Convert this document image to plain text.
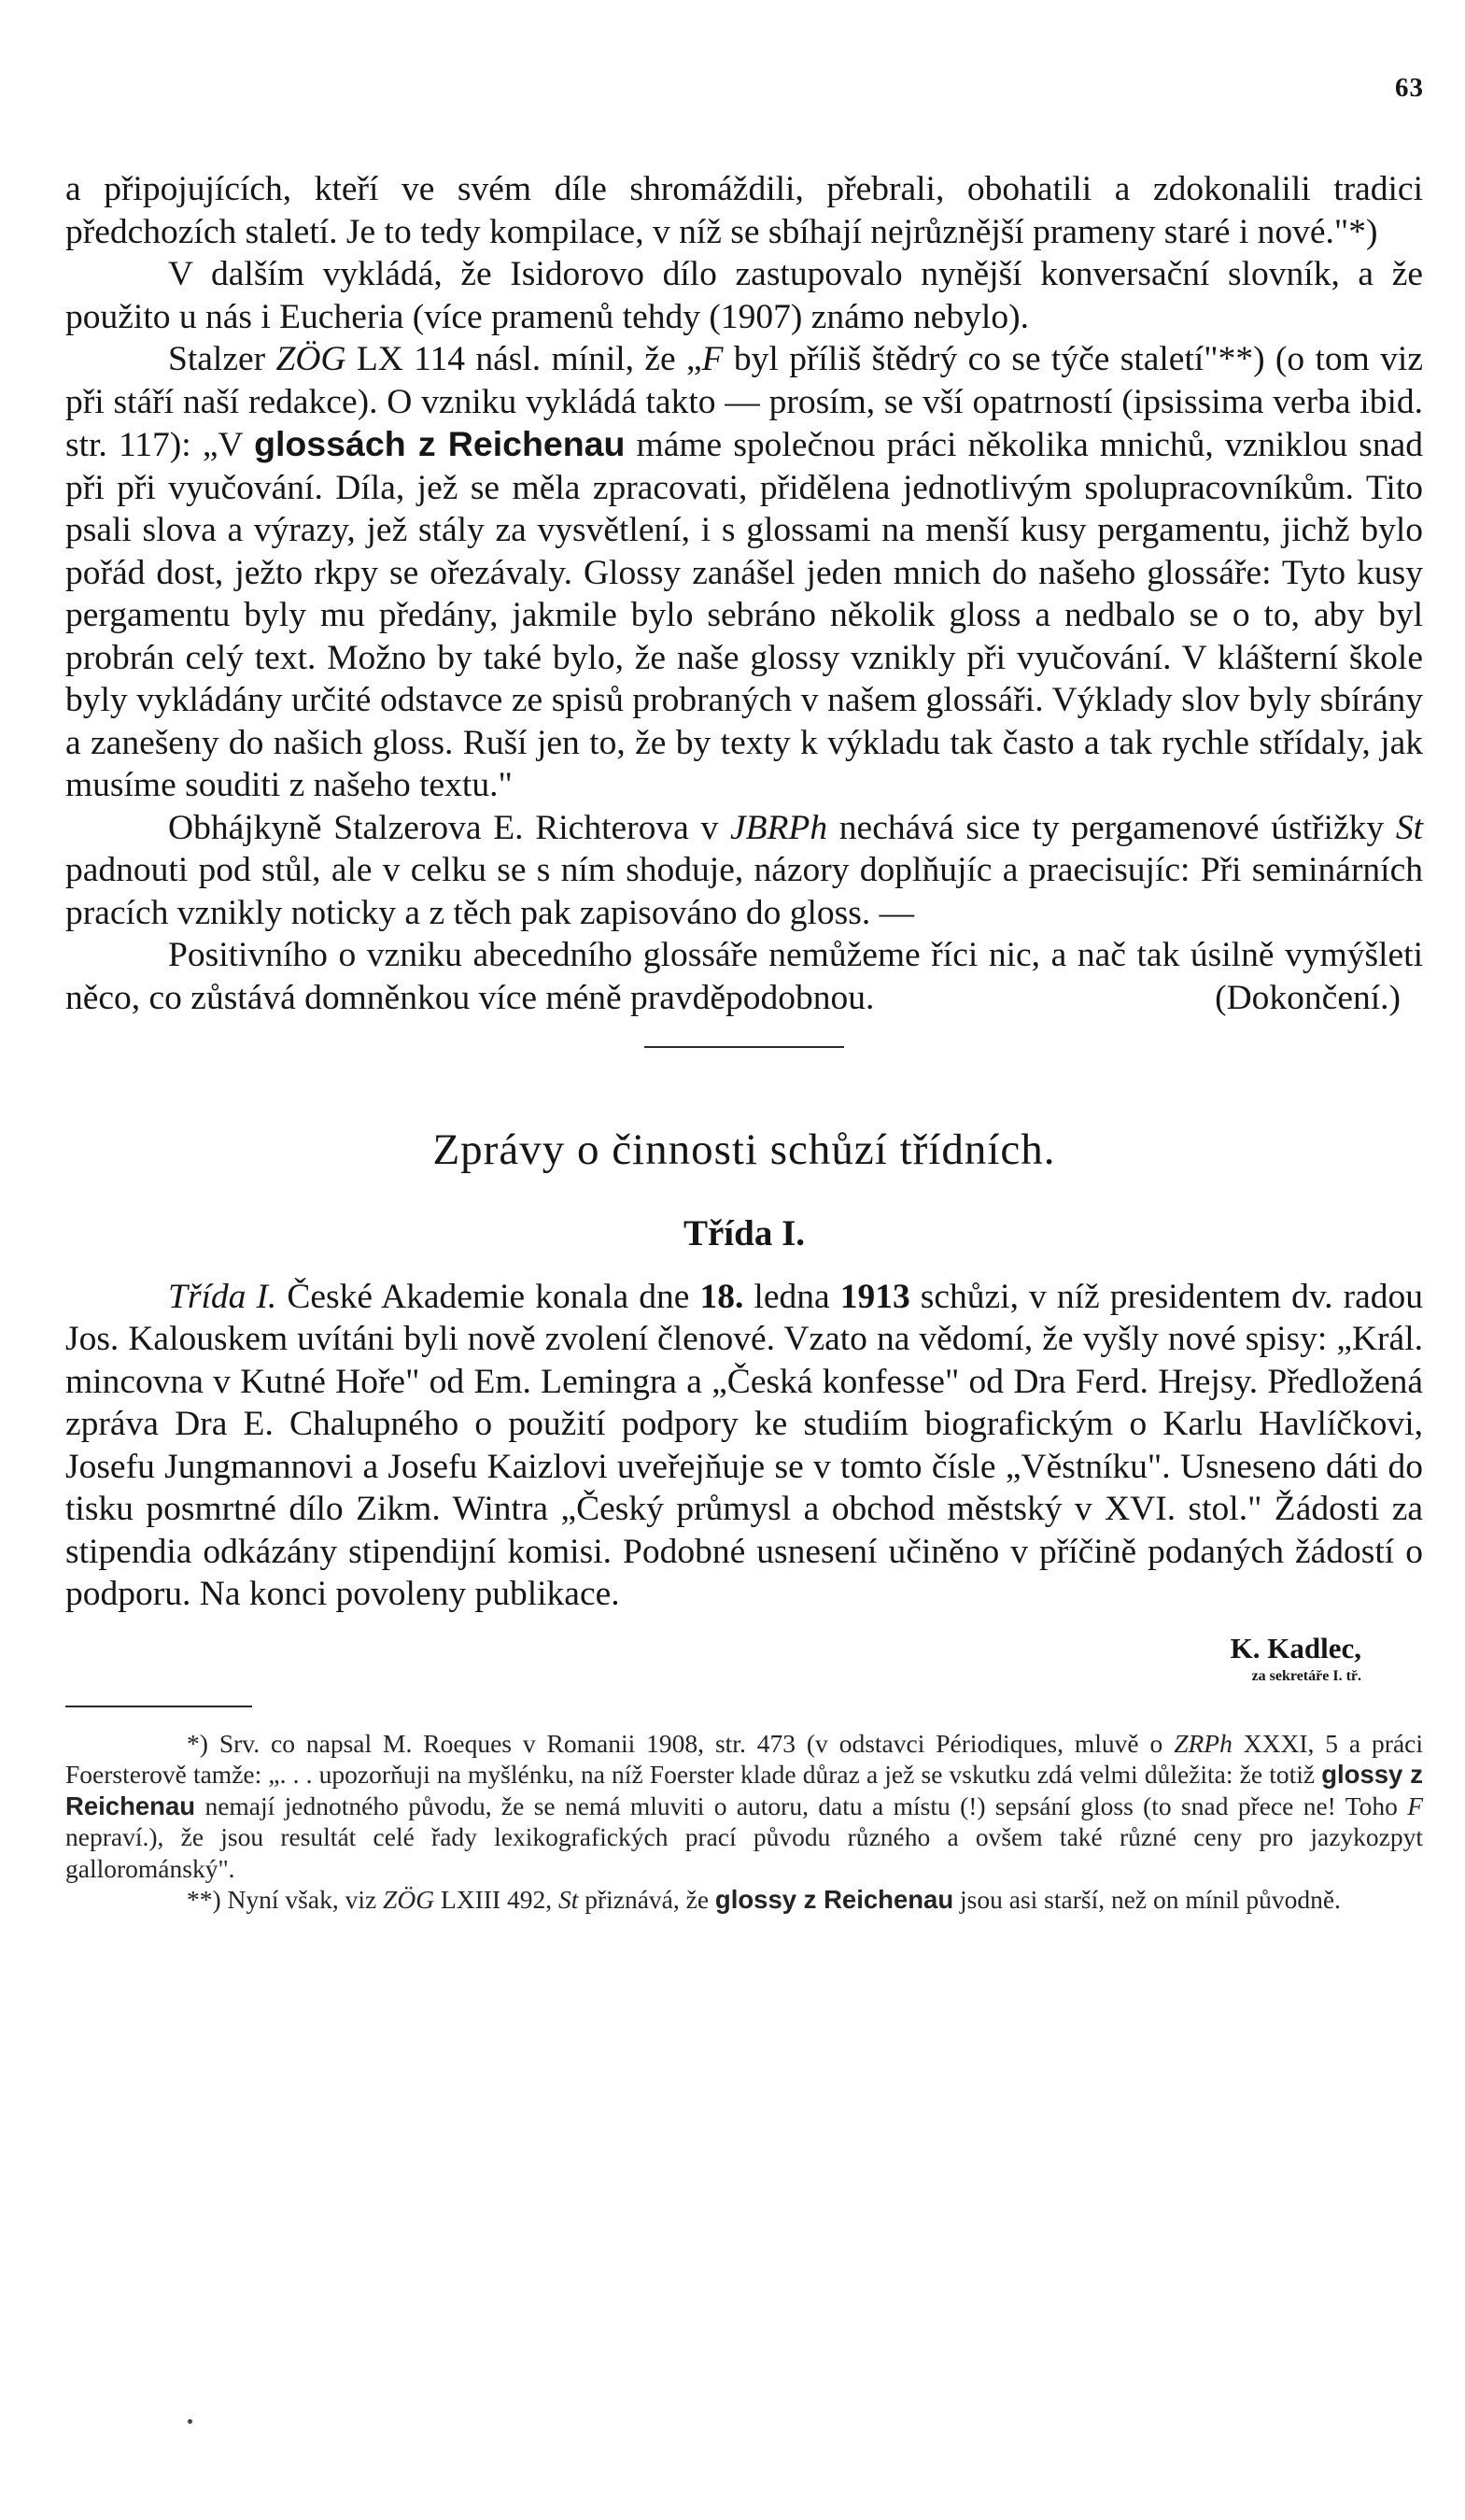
63

a připojujících, kteří ve svém díle shromáždili, přebrali, obohatili a zdokonalili tradici předchozích staletí. Je to tedy kompilace, v níž se sbíhají nejrůznější prameny staré i nové."*)

V dalším vykládá, že Isidorovo dílo zastupovalo nynější konversační slovník, a že použito u nás i Eucheria (více pramenů tehdy (1907) známo nebylo).

Stalzer ZÖG LX 114 násl. mínil, že „F byl příliš štědrý co se týče staletí"**) (o tom viz při stáří naší redakce). O vzniku vykládá takto — prosím, se vší opatrností (ipsissima verba ibid. str. 117): „V glossách z Reichenau máme společnou práci několika mnichů, vzniklou snad při při vyučování. Díla, jež se měla zpracovati, přidělena jednotlivým spolupracovníkům. Tito psali slova a výrazy, jež stály za vysvětlení, i s glossami na menší kusy pergamentu, jichž bylo pořád dost, ježto rkpy se ořezávaly. Glossy zanášel jeden mnich do našeho glossáře: Tyto kusy pergamentu byly mu předány, jakmile bylo sebráno několik gloss a nedbalo se o to, aby byl probrán celý text. Možno by také bylo, že naše glossy vznikly při vyučování. V klášterní škole byly vykládány určité odstavce ze spisů probraných v našem glossáři. Výklady slov byly sbírány a zanešeny do našich gloss. Ruší jen to, že by texty k výkladu tak často a tak rychle střídaly, jak musíme souditi z našeho textu."

Obhájkyně Stalzerova E. Richterova v JBRPh nechává sice ty pergamenové ústřižky St padnouti pod stůl, ale v celku se s ním shoduje, názory doplňujíc a praecisujíc: Při seminárních pracích vznikly noticky a z těch pak zapisováno do gloss. —

Positivního o vzniku abecedního glossáře nemůžeme říci nic, a nač tak úsilně vymýšleti něco, co zůstává domněnkou více méně pravděpodobnou.	(Dokončení.)
Zprávy o činnosti schůzí třídních.
Třída I.

Třída I. České Akademie konala dne 18. ledna 1913 schůzi, v níž presidentem dv. radou Jos. Kalouskem uvítáni byli nově zvolení členové. Vzato na vědomí, že vyšly nové spisy: „Král. mincovna v Kutné Hoře" od Em. Lemingra a „Česká konfesse" od Dra Ferd. Hrejsy. Předložená zpráva Dra E. Chalupného o použití podpory ke studiím biografickým o Karlu Havlíčkovi, Josefu Jungmannovi a Josefu Kaizlovi uveřejňuje se v tomto čísle „Věstníku". Usneseno dáti do tisku posmrtné dílo Zikm. Wintra „Český průmysl a obchod městský v XVI. stol." Žádosti za stipendia odkázány stipendijní komisi. Podobné usnesení učiněno v příčině podaných žádostí o podporu. Na konci povoleny publikace.

K. Kadlec,
za sekretáře I. tř.

*) Srv. co napsal M. Roeques v Romanii 1908, str. 473 (v odstavci Périodiques, mluvě o ZRPh XXXI, 5 a práci Foersterově tamže: „. . . upozorňuji na myšlénku, na níž Foerster klade důraz a jež se vskutku zdá velmi důležita: že totiž glossy z Reichenau nemají jednotného původu, že se nemá mluviti o autoru, datu a místu (!) sepsání gloss (to snad přece ne! Toho F nepraví.), že jsou resultát celé řady lexikografických prací původu různého a ovšem také různé ceny pro jazykozpyt gallorománský".

**) Nyní však, viz ZÖG LXIII 492, St přiznává, že glossy z Reichenau jsou asi starší, než on mínil původně.
